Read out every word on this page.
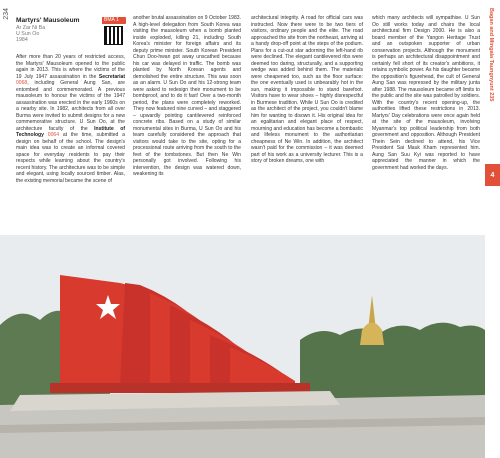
234
Martyrs' Mausoleum
Ar Zar Ni Ba
U Sun Oo
1984
BMA 1

After more than 20 years of restricted access, the Martyrs' Mausoleum opened to the public again in 2013. This is where the victims of the 19 July 1947 assassination in the Secretariat 0068, including General Aung San, are entombed and commemorated. A previous mausoleum to honour the victims of the 1947 assassination was erected in the early 1960s on a nearby site. In 1982, architects from all over Burma were invited to submit designs for a new commemorative structure. U Sun Oo, at the architecture faculty of the Institute of Technology 0064 at the time, submitted a design on behalf of the school. The design's main idea was to create an informal covered space for everyday residents to pay their respects while learning about the country's recent history. The architecture was to be simple and elegant, using locally sourced timber. Alas, the existing memorial became the scene of

another brutal assassination on 9 October 1983. A high-level delegation from South Korea was visiting the mausoleum when a bomb planted inside exploded, killing 21, including South Korea's minister for foreign affairs and its deputy prime minister. South Korean President Chun Doo-hwan got away unscathed because his car was delayed in traffic. The bomb was planted by North Korean agents and demolished the entire structure. This was soon as an alarm. U Sun Oo and his 12-strong team were asked to redesign their monument to be bombproof, and to do it fast! Over a two-month period, the plans were completely reworked. They now featured nine curved – and staggered – upwardly pointing cantilevered reinforced concrete ribs. Based on a study of similar monumental sites in Burma, U Sun Oo and his team carefully considered the approach that visitors would take to the site, opting for a processional route arriving from the south to the feet of the tombstones. But then Ne Win personally got involved. Following his intervention, the design was watered down, weakening its

architectural integrity. A road for official cars was instructed. Now there were to be two tiers of visitors, ordinary people and the elite. The road approached the site from the northeast, arriving at a handy drop-off point at the steps of the podium. Plans for a cut-out star adorning the left-hand rib were declined. The elegant cantilevered ribs were deemed too daring, structurally, and a supporting wedge was added behind them. The materials were cheapened too, such as the floor surface: the one eventually used is unbearably hot in the sun, making it impossible to stand barefoot. Visitors have to wear shoes – highly disrespectful in Burmese tradition. While U Sun Oo is credited as the architect of the project, you couldn't blame him for wanting to disown it. His original idea for an egalitarian and elegant place of respect, mourning and education has become a bombastic and lifeless monument to the authoritarian cheapness of Ne Win. In addition, the architect wasn't paid for the commission – it was deemed part of his work as a university lecturer. This is a story of broken dreams, one with

which many architects will sympathise. U Sun Oo still works today and chairs the local architectural firm Design 2000. He is also a board member of the Yangon Heritage Trust and an outspoken supporter of urban conservation projects. Although the monument is perhaps an architectural disappointment and certainly fell short of its creator's ambitions, it retains symbolic power. As his daughter became the opposition's figurehead, the cult of General Aung San was repressed by the military junta after 1988. The mausoleum became off limits to the public and the site was patrolled by soldiers. With the country's recent opening-up, the authorities lifted these restrictions in 2013. Martyrs' Day celebrations were once again held at the site of the mausoleum, involving Myanmar's top political leadership from both government and opposition. Although President Thein Sein declined to attend, his Vice President Sai Mauk Kham represented him. Aung San Suu Kyi was reported to have appreciated the manner in which the government had worked the days.

Bagan and Mingala Taungnyunt 235
4
